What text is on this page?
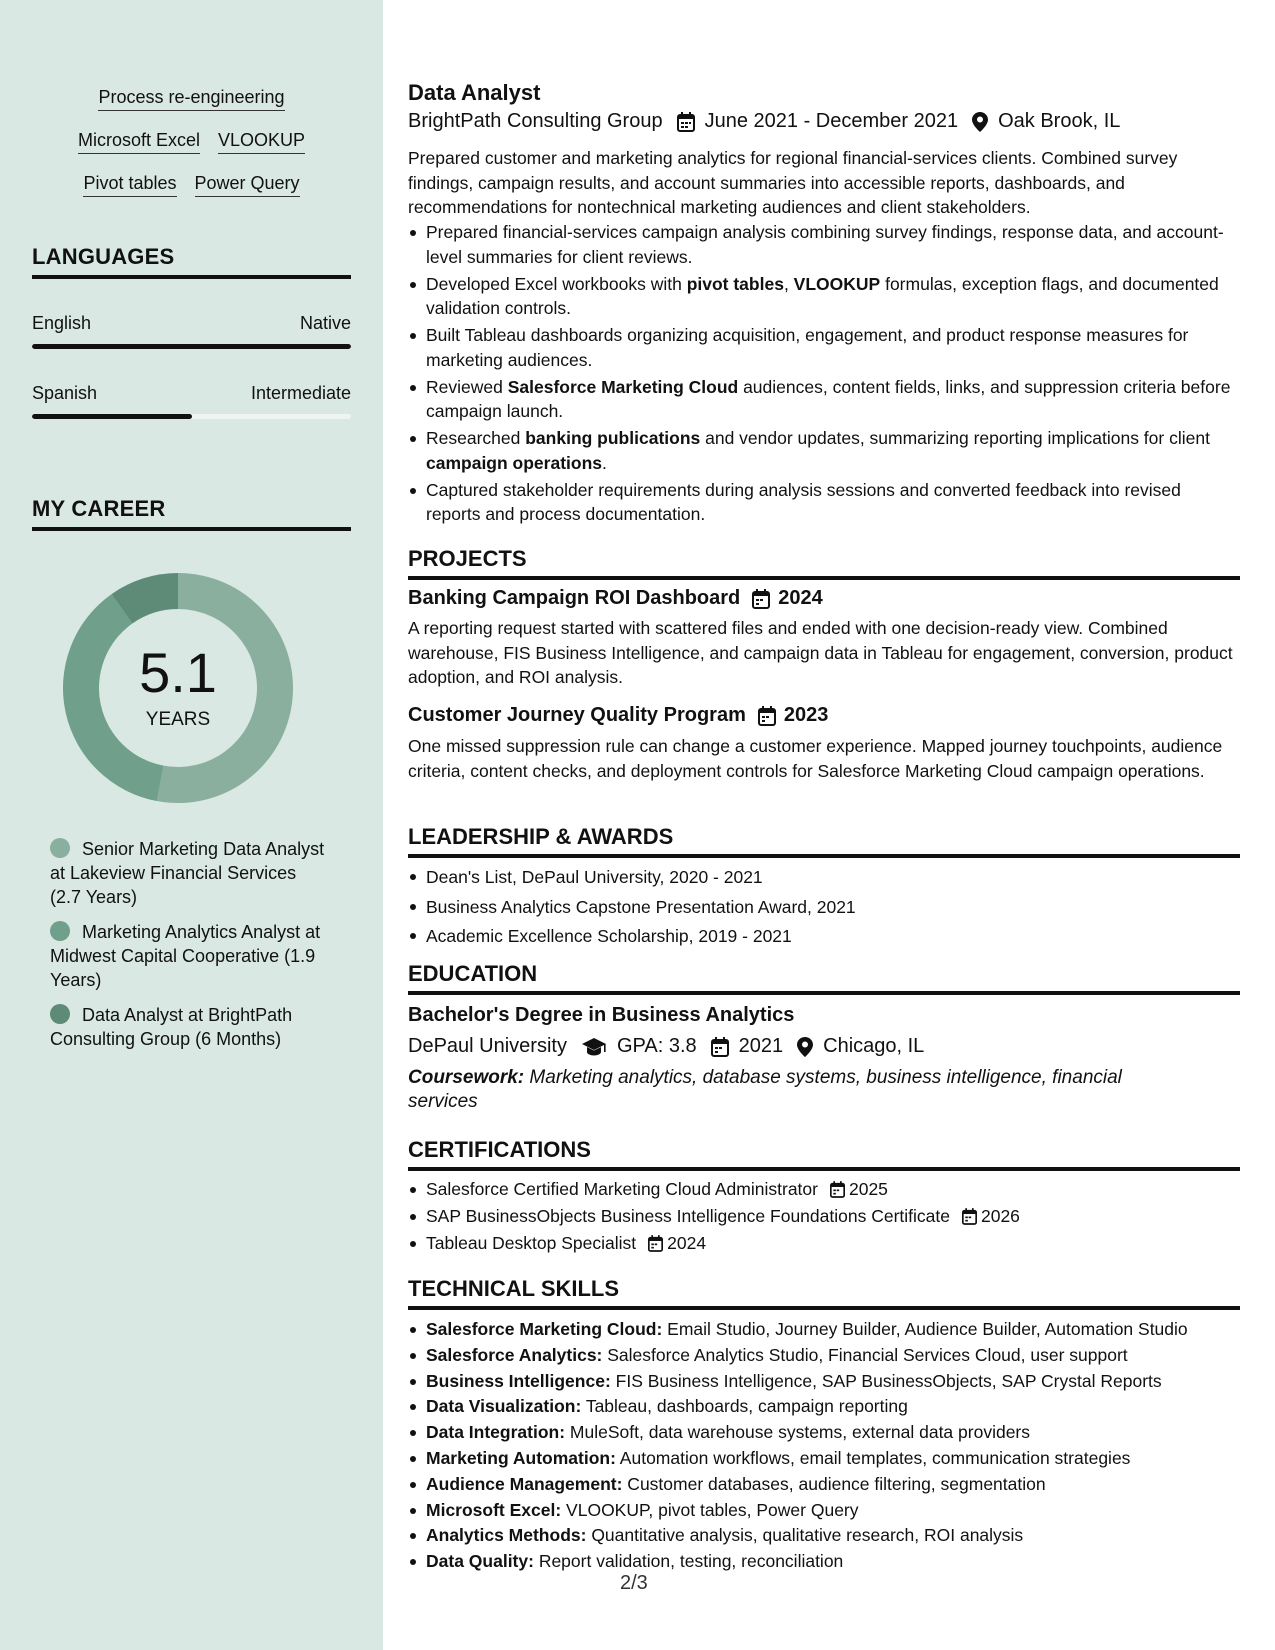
Process re-engineering
Microsoft Excel VLOOKUP
Pivot tables Power Query
LANGUAGES
English	Native
Spanish	Intermediate
MY CAREER
5.1
YEARS
Senior Marketing Data Analyst at Lakeview Financial Services (2.7 Years)
Marketing Analytics Analyst at Midwest Capital Cooperative (1.9 Years)
Data Analyst at BrightPath Consulting Group (6 Months)
Data Analyst
BrightPath Consulting Group June 2021 - December 2021 Oak Brook, IL
Prepared customer and marketing analytics for regional financial-services clients. Combined survey findings, campaign results, and account summaries into accessible reports, dashboards, and recommendations for nontechnical marketing audiences and client stakeholders.
Prepared financial-services campaign analysis combining survey findings, response data, and account-level summaries for client reviews.
Developed Excel workbooks with pivot tables, VLOOKUP formulas, exception flags, and documented validation controls.
Built Tableau dashboards organizing acquisition, engagement, and product response measures for marketing audiences.
Reviewed Salesforce Marketing Cloud audiences, content fields, links, and suppression criteria before campaign launch.
Researched banking publications and vendor updates, summarizing reporting implications for client campaign operations.
Captured stakeholder requirements during analysis sessions and converted feedback into revised reports and process documentation.
PROJECTS
Banking Campaign ROI Dashboard 2024
A reporting request started with scattered files and ended with one decision-ready view. Combined warehouse, FIS Business Intelligence, and campaign data in Tableau for engagement, conversion, product adoption, and ROI analysis.
Customer Journey Quality Program 2023
One missed suppression rule can change a customer experience. Mapped journey touchpoints, audience criteria, content checks, and deployment controls for Salesforce Marketing Cloud campaign operations.
LEADERSHIP & AWARDS
Dean's List, DePaul University, 2020 - 2021
Business Analytics Capstone Presentation Award, 2021
Academic Excellence Scholarship, 2019 - 2021
EDUCATION
Bachelor's Degree in Business Analytics
DePaul University	GPA: 3.8 2021 Chicago, IL
Coursework: Marketing analytics, database systems, business intelligence, financial services
CERTIFICATIONS
Salesforce Certified Marketing Cloud Administrator 2025
SAP BusinessObjects Business Intelligence Foundations Certificate 2026
Tableau Desktop Specialist 2024
TECHNICAL SKILLS
Salesforce Marketing Cloud: Email Studio, Journey Builder, Audience Builder, Automation Studio
Salesforce Analytics: Salesforce Analytics Studio, Financial Services Cloud, user support
Business Intelligence: FIS Business Intelligence, SAP BusinessObjects, SAP Crystal Reports
Data Visualization: Tableau, dashboards, campaign reporting
Data Integration: MuleSoft, data warehouse systems, external data providers
Marketing Automation: Automation workflows, email templates, communication strategies
Audience Management: Customer databases, audience filtering, segmentation
Microsoft Excel: VLOOKUP, pivot tables, Power Query
Analytics Methods: Quantitative analysis, qualitative research, ROI analysis
Data Quality: Report validation, testing, reconciliation
2/3
